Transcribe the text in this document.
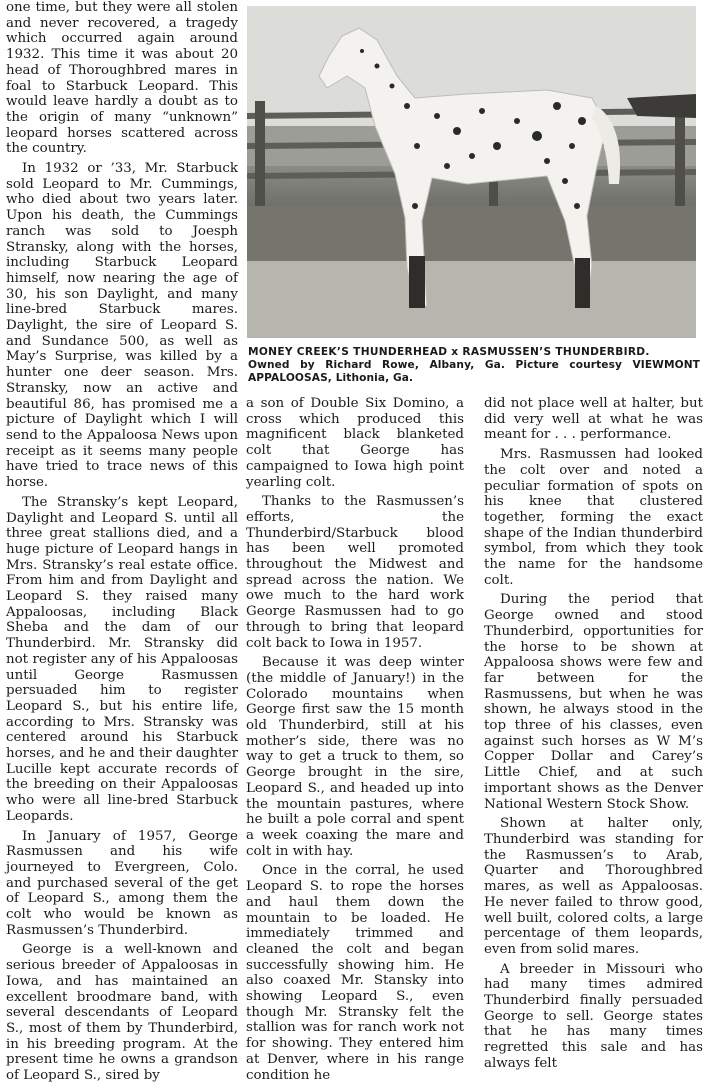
one time, but they were all stolen and never recovered, a tragedy which occurred again around 1932. This time it was about 20 head of Thoroughbred mares in foal to Starbuck Leopard. This would leave hardly a doubt as to the origin of many “unknown” leopard horses scattered across the country.

In 1932 or ’33, Mr. Starbuck sold Leopard to Mr. Cummings, who died about two years later. Upon his death, the Cummings ranch was sold to Joesph Stransky, along with the horses, including Starbuck Leopard himself, now nearing the age of 30, his son Daylight, and many line-bred Starbuck mares. Daylight, the sire of Leopard S. and Sundance 500, as well as May’s Surprise, was killed by a hunter one deer season. Mrs. Stransky, now an active and beautiful 86, has promised me a picture of Daylight which I will send to the Appaloosa News upon receipt as it seems many people have tried to trace news of this horse.

The Stransky’s kept Leopard, Daylight and Leopard S. until all three great stallions died, and a huge picture of Leopard hangs in Mrs. Stransky’s real estate office. From him and from Daylight and Leopard S. they raised many Appaloosas, including Black Sheba and the dam of our Thunderbird. Mr. Stransky did not register any of his Appaloosas until George Rasmussen persuaded him to register Leopard S., but his entire life, according to Mrs. Stransky was centered around his Starbuck horses, and he and their daughter Lucille kept accurate records of the breeding on their Appaloosas who were all line-bred Starbuck Leopards.

In January of 1957, George Rasmussen and his wife journeyed to Evergreen, Colo. and purchased several of the get of Leopard S., among them the colt who would be known as Rasmussen’s Thunderbird.

George is a well-known and serious breeder of Appaloosas in Iowa, and has maintained an excellent broodmare band, with several descendants of Leopard S., most of them by Thunderbird, in his breeding program. At the present time he owns a grandson of Leopard S., sired by

MONEY CREEK’S THUNDERHEAD x RASMUSSEN’S THUNDERBIRD.
Owned by Richard Rowe, Albany, Ga. Picture courtesy VIEWMONT APPALOOSAS, Lithonia, Ga.

a son of Double Six Domino, a cross which produced this magnificent black blanketed colt that George has campaigned to Iowa high point yearling colt.

Thanks to the Rasmussen’s efforts, the Thunderbird/Starbuck blood has been well promoted throughout the Midwest and spread across the nation. We owe much to the hard work George Rasmussen had to go through to bring that leopard colt back to Iowa in 1957.

Because it was deep winter (the middle of January!) in the Colorado mountains when George first saw the 15 month old Thunderbird, still at his mother’s side, there was no way to get a truck to them, so George brought in the sire, Leopard S., and headed up into the mountain pastures, where he built a pole corral and spent a week coaxing the mare and colt in with hay.

Once in the corral, he used Leopard S. to rope the horses and haul them down the mountain to be loaded. He immediately trimmed and cleaned the colt and began successfully showing him. He also coaxed Mr. Stansky into showing Leopard S., even though Mr. Stransky felt the stallion was for ranch work not for showing. They entered him at Denver, where in his range condition he

did not place well at halter, but did very well at what he was meant for . . . performance.

Mrs. Rasmussen had looked the colt over and noted a peculiar formation of spots on his knee that clustered together, forming the exact shape of the Indian thunderbird symbol, from which they took the name for the handsome colt.

During the period that George owned and stood Thunderbird, opportunities for the horse to be shown at Appaloosa shows were few and far between for the Rasmussens, but when he was shown, he always stood in the top three of his classes, even against such horses as W M’s Copper Dollar and Carey’s Little Chief, and at such important shows as the Denver National Western Stock Show.

Shown at halter only, Thunderbird was standing for the Rasmussen’s to Arab, Quarter and Thoroughbred mares, as well as Appaloosas. He never failed to throw good, well built, colored colts, a large percentage of them leopards, even from solid mares.

A breeder in Missouri who had many times admired Thunderbird finally persuaded George to sell. George states that he has many times regretted this sale and has always felt
